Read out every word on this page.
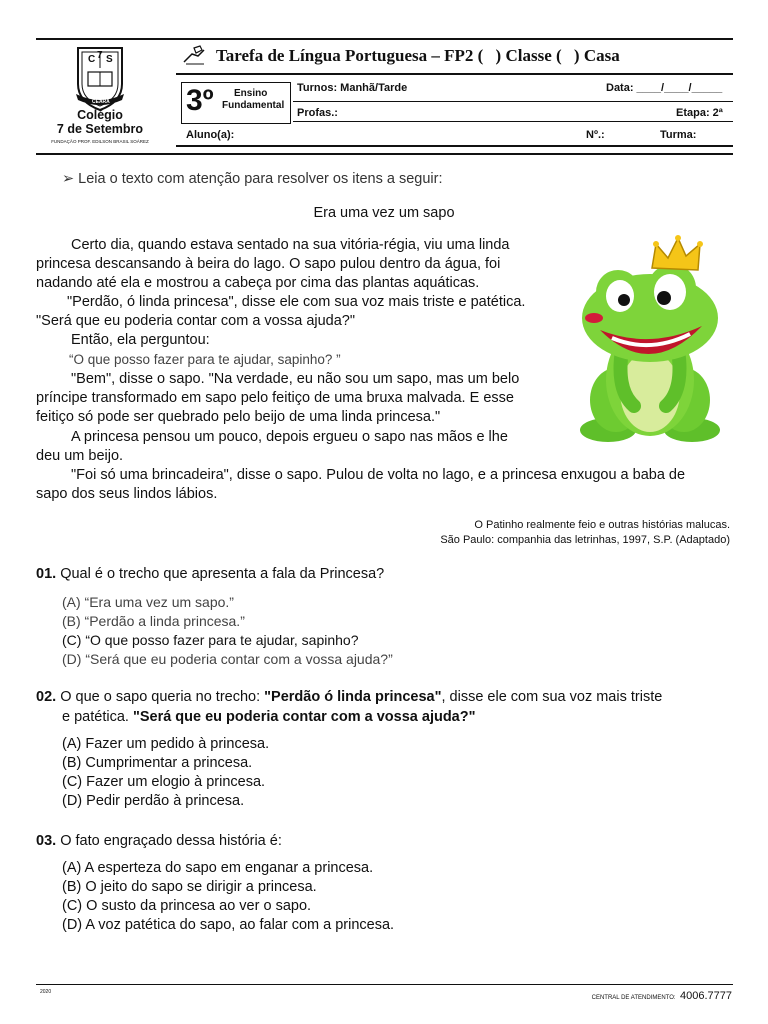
C 7 S
CEARÁ
Colégio
7 de Setembro
FUNDAÇÃO PROF. EDILSON BRASIL SOÁREZ
Tarefa de Língua Portuguesa – FP2 ( ) Classe ( ) Casa
3º Ensino
Fundamental
Turnos: Manhã/Tarde	Data: ____/____/_____
Profas.:	Etapa: 2ª
Aluno(a):	Nº.:	Turma:
➢ Leia o texto com atenção para resolver os itens a seguir:
Era uma vez um sapo
Certo dia, quando estava sentado na sua vitória-régia, viu uma linda
princesa descansando à beira do lago. O sapo pulou dentro da água, foi
nadando até ela e mostrou a cabeça por cima das plantas aquáticas.
"Perdão, ó linda princesa", disse ele com sua voz mais triste e patética.
"Será que eu poderia contar com a vossa ajuda?"
Então, ela perguntou:
“O que posso fazer para te ajudar, sapinho? ”
"Bem", disse o sapo. "Na verdade, eu não sou um sapo, mas um belo
príncipe transformado em sapo pelo feitiço de uma bruxa malvada. E esse
feitiço só pode ser quebrado pelo beijo de uma linda princesa."
A princesa pensou um pouco, depois ergueu o sapo nas mãos e lhe
deu um beijo.
"Foi só uma brincadeira", disse o sapo. Pulou de volta no lago, e a princesa enxugou a baba de
sapo dos seus lindos lábios.
O Patinho realmente feio e outras histórias malucas.
São Paulo: companhia das letrinhas, 1997, S.P. (Adaptado)
01. Qual é o trecho que apresenta a fala da Princesa?
(A) “Era uma vez um sapo.”
(B) “Perdão a linda princesa.”
(C) “O que posso fazer para te ajudar, sapinho?
(D) “Será que eu poderia contar com a vossa ajuda?”
02. O que o sapo queria no trecho: "Perdão ó linda princesa", disse ele com sua voz mais triste
e patética. "Será que eu poderia contar com a vossa ajuda?"
(A) Fazer um pedido à princesa.
(B) Cumprimentar a princesa.
(C) Fazer um elogio à princesa.
(D) Pedir perdão à princesa.
03. O fato engraçado dessa história é:
(A) A esperteza do sapo em enganar a princesa.
(B) O jeito do sapo se dirigir a princesa.
(C) O susto da princesa ao ver o sapo.
(D) A voz patética do sapo, ao falar com a princesa.
2020
CENTRAL DE ATENDIMENTO: 4006.7777
